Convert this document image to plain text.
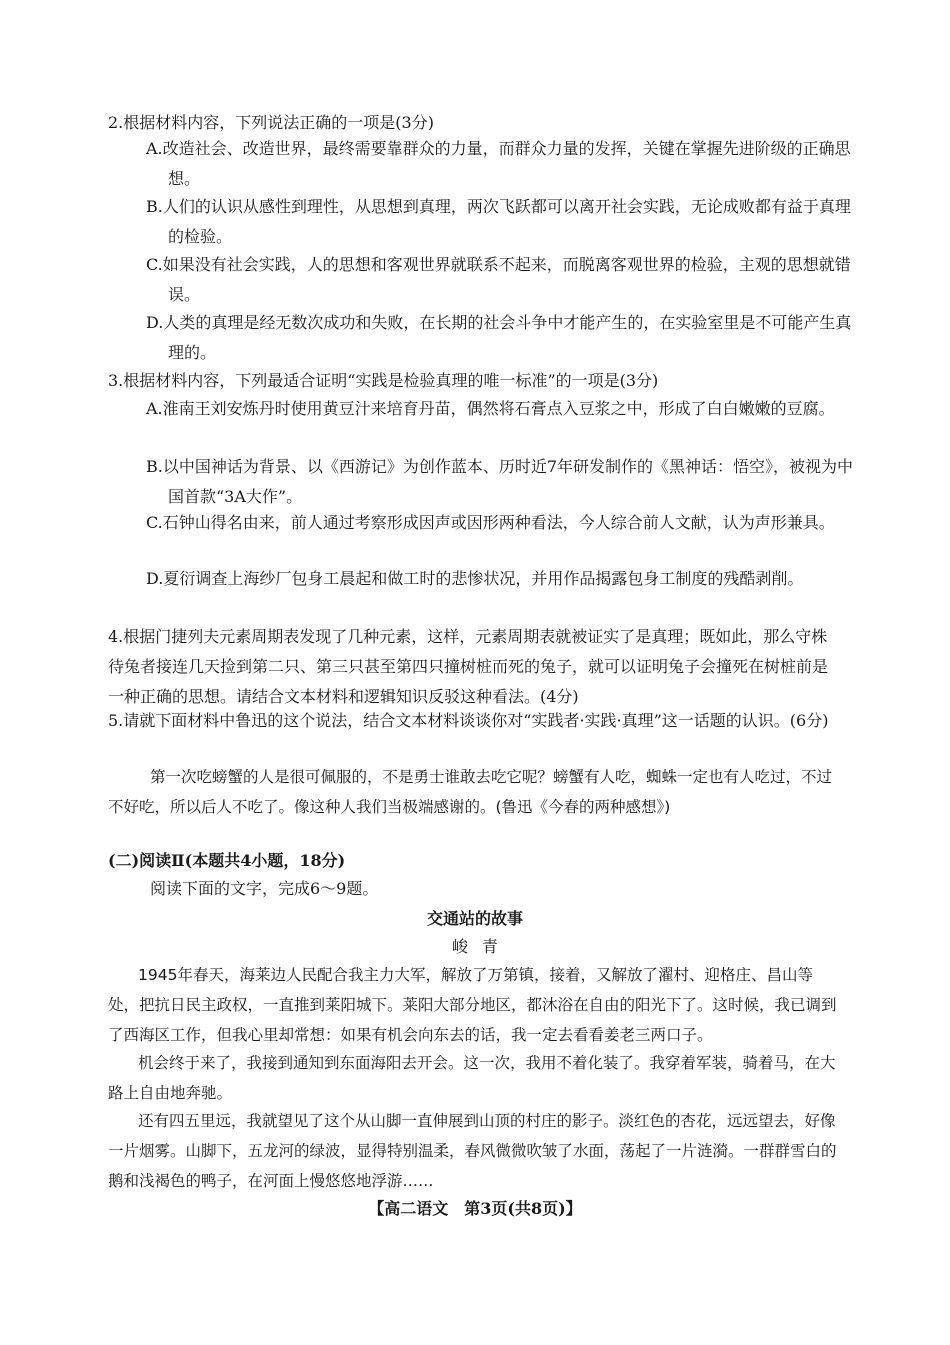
2.根据材料内容，下列说法正确的一项是(3分)

A.改造社会、改造世界，最终需要靠群众的力量，而群众力量的发挥，关键在掌握先进阶级的正确思想。

B.人们的认识从感性到理性，从思想到真理，两次飞跃都可以离开社会实践，无论成败都有益于真理的检验。

C.如果没有社会实践，人的思想和客观世界就联系不起来，而脱离客观世界的检验，主观的思想就错误。

D.人类的真理是经无数次成功和失败，在长期的社会斗争中才能产生的，在实验室里是不可能产生真理的。

3.根据材料内容，下列最适合证明“实践是检验真理的唯一标准”的一项是(3分)

A.淮南王刘安炼丹时使用黄豆汁来培育丹苗，偶然将石膏点入豆浆之中，形成了白白嫩嫩的豆腐。

B.以中国神话为背景、以《西游记》为创作蓝本、历时近7年研发制作的《黑神话：悟空》，被视为中国首款“3A大作”。

C.石钟山得名由来，前人通过考察形成因声或因形两种看法，今人综合前人文献，认为声形兼具。

D.夏衍调查上海纱厂包身工晨起和做工时的悲惨状况，并用作品揭露包身工制度的残酷剥削。

4.根据门捷列夫元素周期表发现了几种元素，这样，元素周期表就被证实了是真理；既如此，那么守株待兔者接连几天捡到第二只、第三只甚至第四只撞树桩而死的兔子，就可以证明兔子会撞死在树桩前是一种正确的思想。请结合文本材料和逻辑知识反驳这种看法。(4分)

5.请就下面材料中鲁迅的这个说法，结合文本材料谈谈你对“实践者·实践·真理”这一话题的认识。(6分)

第一次吃螃蟹的人是很可佩服的，不是勇士谁敢去吃它呢？螃蟹有人吃，蜘蛛一定也有人吃过，不过不好吃，所以后人不吃了。像这种人我们当极端感谢的。(鲁迅《今春的两种感想》)

(二)阅读Ⅱ(本题共4小题，18分)

阅读下面的文字，完成6～9题。

交通站的故事

峻青

1945年春天，海莱边人民配合我主力大军，解放了万第镇，接着，又解放了濯村、迎格庄、昌山等处，把抗日民主政权，一直推到莱阳城下。莱阳大部分地区，都沐浴在自由的阳光下了。这时候，我已调到了西海区工作，但我心里却常想：如果有机会向东去的话，我一定去看看姜老三两口子。

机会终于来了，我接到通知到东面海阳去开会。这一次，我用不着化装了。我穿着军装，骑着马，在大路上自由地奔驰。

还有四五里远，我就望见了这个从山脚一直伸展到山顶的村庄的影子。淡红色的杏花，远远望去，好像一片烟雾。山脚下，五龙河的绿波，显得特别温柔，春风微微吹皱了水面，荡起了一片涟漪。一群群雪白的鹅和浅褐色的鸭子，在河面上慢悠悠地浮游……

【高二语文　第3页(共8页)】
